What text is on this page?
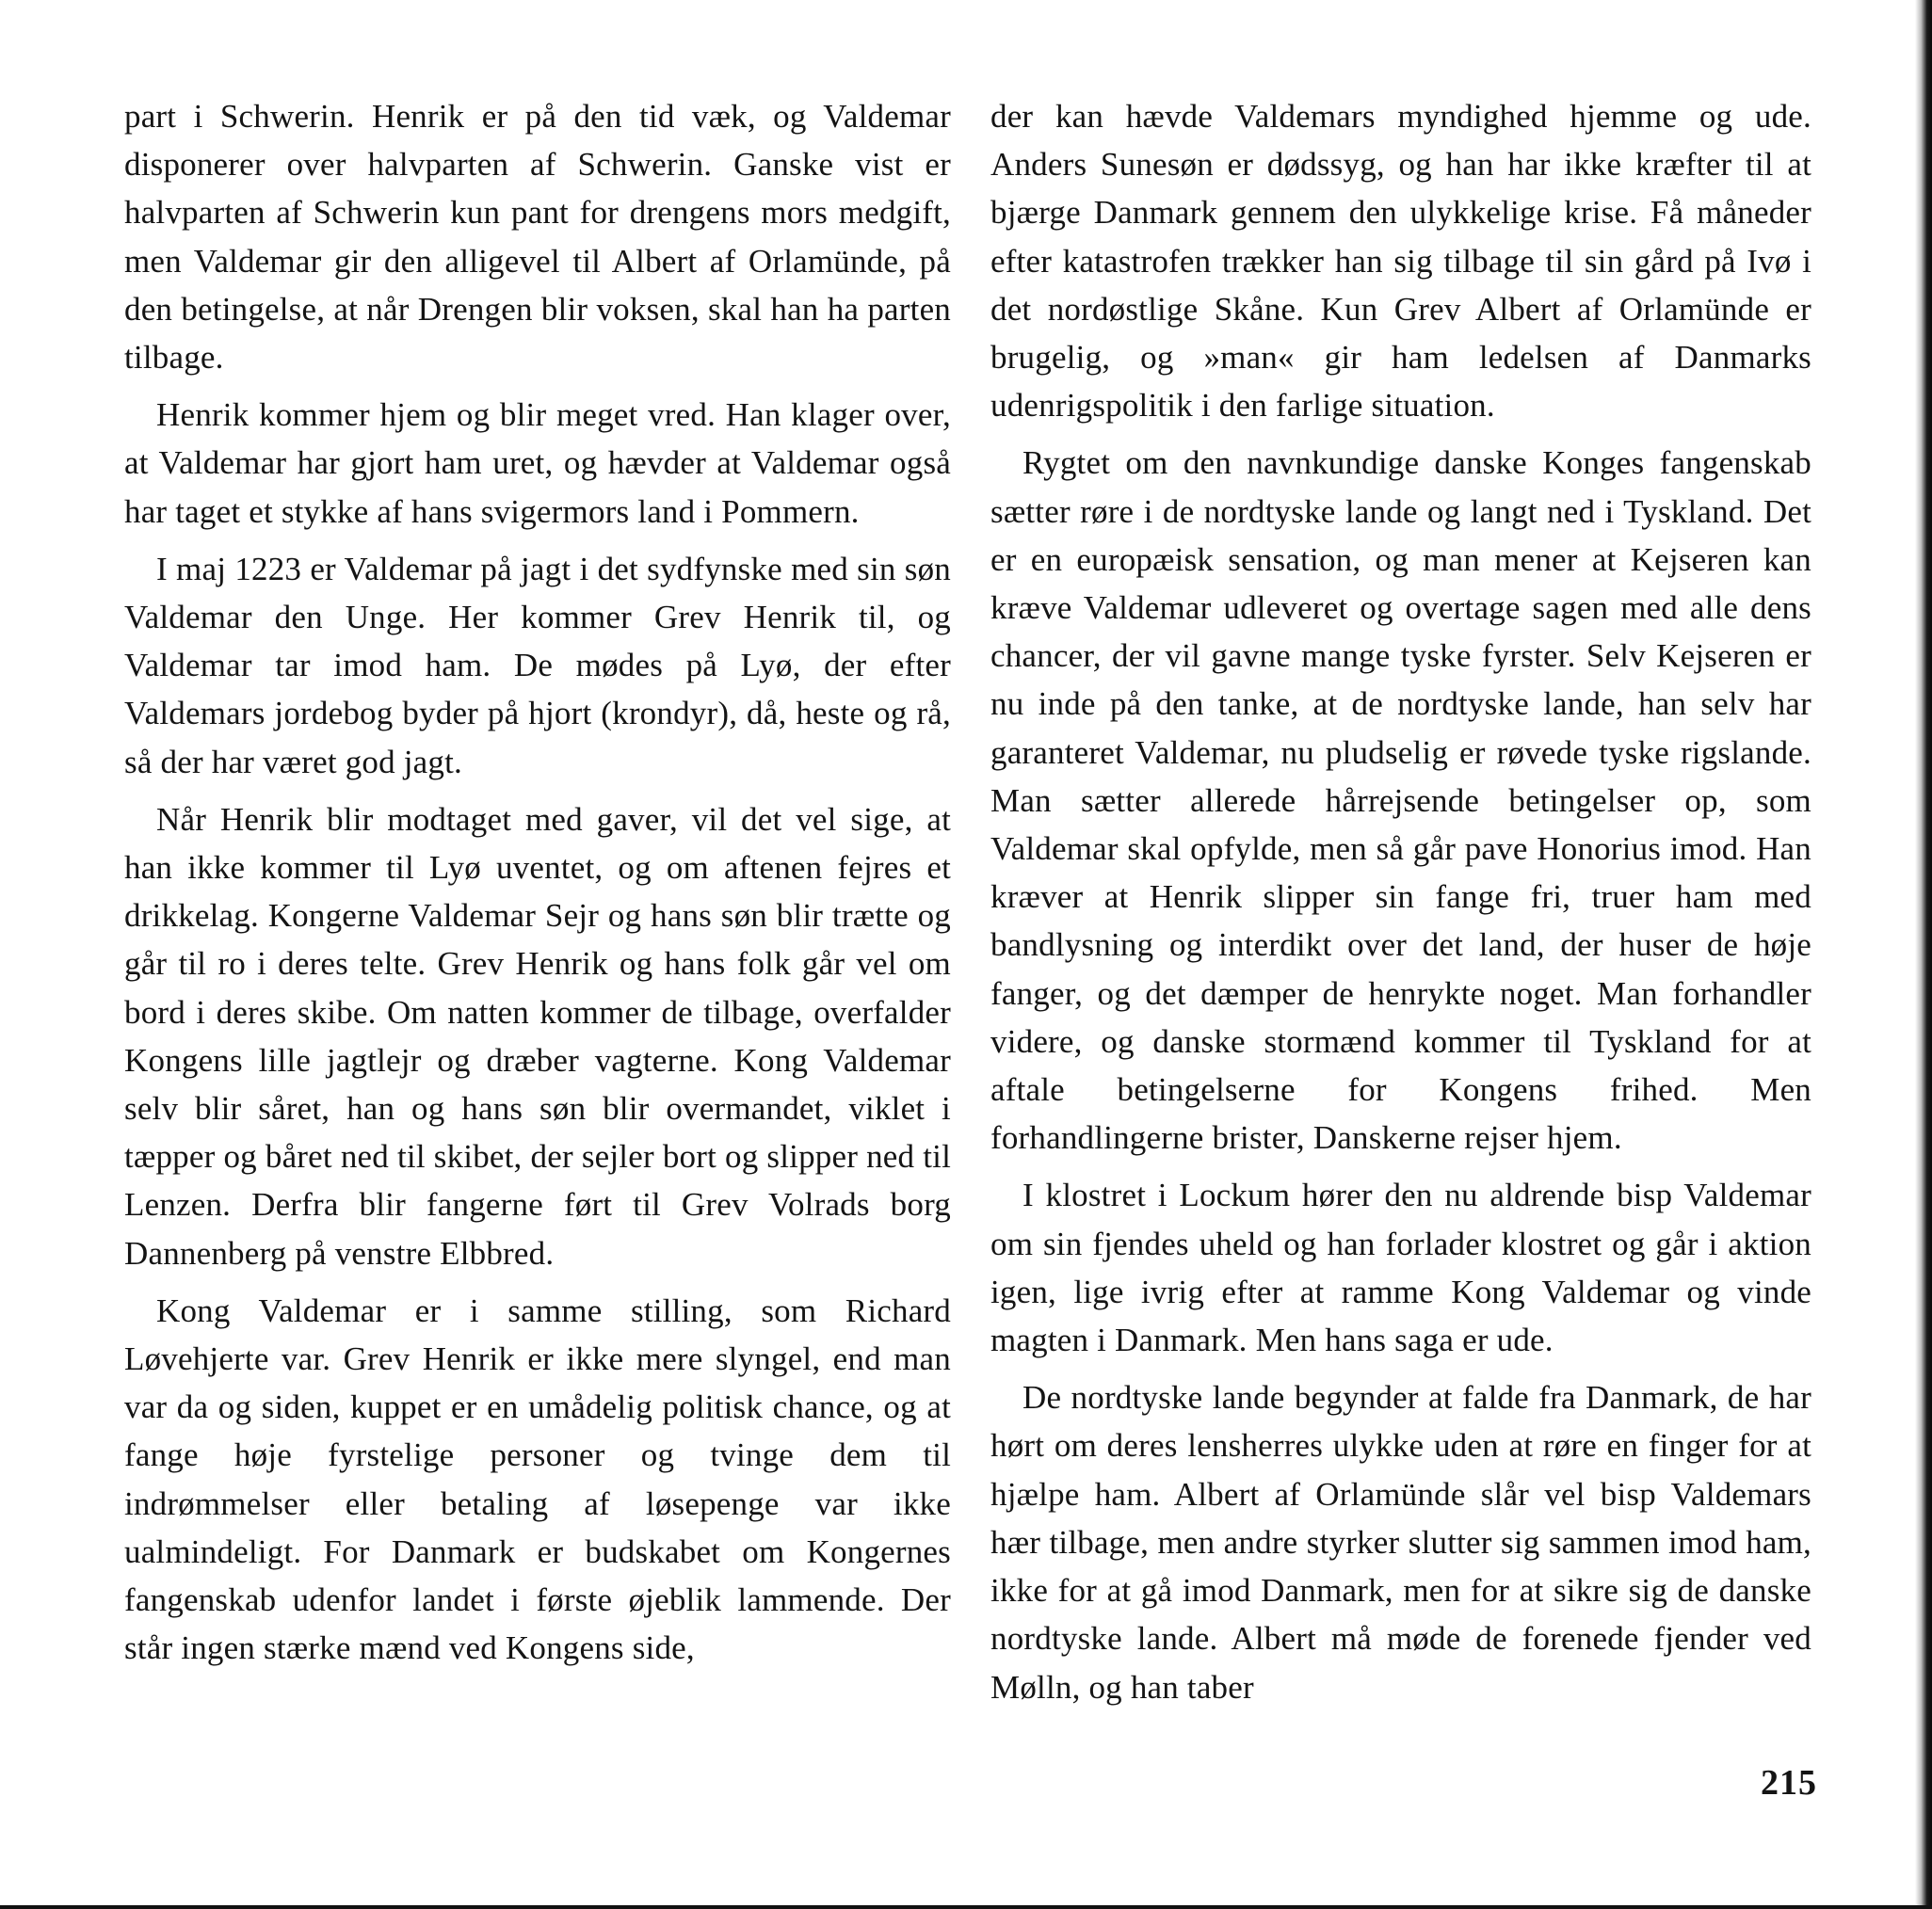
part i Schwerin. Henrik er på den tid væk, og Valdemar disponerer over halvparten af Schwerin. Ganske vist er halvparten af Schwerin kun pant for drengens mors medgift, men Valdemar gir den alligevel til Albert af Orlamünde, på den betingelse, at når Drengen blir voksen, skal han ha parten tilbage.

Henrik kommer hjem og blir meget vred. Han klager over, at Valdemar har gjort ham uret, og hævder at Valdemar også har taget et stykke af hans svigermors land i Pommern.

I maj 1223 er Valdemar på jagt i det sydfynske med sin søn Valdemar den Unge. Her kommer Grev Henrik til, og Valdemar tar imod ham. De mødes på Lyø, der efter Valdemars jordebog byder på hjort (krondyr), då, heste og rå, så der har været god jagt.

Når Henrik blir modtaget med gaver, vil det vel sige, at han ikke kommer til Lyø uventet, og om aftenen fejres et drikkelag. Kongerne Valdemar Sejr og hans søn blir trætte og går til ro i deres telte. Grev Henrik og hans folk går vel om bord i deres skibe. Om natten kommer de tilbage, overfalder Kongens lille jagtlejr og dræber vagterne. Kong Valdemar selv blir såret, han og hans søn blir overmandet, viklet i tæpper og båret ned til skibet, der sejler bort og slipper ned til Lenzen. Derfra blir fangerne ført til Grev Volrads borg Dannenberg på venstre Elbbred.

Kong Valdemar er i samme stilling, som Richard Løvehjerte var. Grev Henrik er ikke mere slyngel, end man var da og siden, kuppet er en umådelig politisk chance, og at fange høje fyrstelige personer og tvinge dem til indrømmelser eller betaling af løsepenge var ikke ualmindeligt. For Danmark er budskabet om Kongernes fangenskab udenfor landet i første øjeblik lammende. Der står ingen stærke mænd ved Kongens side,

der kan hævde Valdemars myndighed hjemme og ude. Anders Sunesøn er dødssyg, og han har ikke kræfter til at bjærge Danmark gennem den ulykkelige krise. Få måneder efter katastrofen trækker han sig tilbage til sin gård på Ivø i det nordøstlige Skåne. Kun Grev Albert af Orlamünde er brugelig, og »man« gir ham ledelsen af Danmarks udenrigspolitik i den farlige situation.

Rygtet om den navnkundige danske Konges fangenskab sætter røre i de nordtyske lande og langt ned i Tyskland. Det er en europæisk sensation, og man mener at Kejseren kan kræve Valdemar udleveret og overtage sagen med alle dens chancer, der vil gavne mange tyske fyrster. Selv Kejseren er nu inde på den tanke, at de nordtyske lande, han selv har garanteret Valdemar, nu pludselig er røvede tyske rigslande. Man sætter allerede hårrejsende betingelser op, som Valdemar skal opfylde, men så går pave Honorius imod. Han kræver at Henrik slipper sin fange fri, truer ham med bandlysning og interdikt over det land, der huser de høje fanger, og det dæmper de henrykte noget. Man forhandler videre, og danske stormænd kommer til Tyskland for at aftale betingelserne for Kongens frihed. Men forhandlingerne brister, Danskerne rejser hjem.

I klostret i Lockum hører den nu aldrende bisp Valdemar om sin fjendes uheld og han forlader klostret og går i aktion igen, lige ivrig efter at ramme Kong Valdemar og vinde magten i Danmark. Men hans saga er ude.

De nordtyske lande begynder at falde fra Danmark, de har hørt om deres lensherres ulykke uden at røre en finger for at hjælpe ham. Albert af Orlamünde slår vel bisp Valdemars hær tilbage, men andre styrker slutter sig sammen imod ham, ikke for at gå imod Danmark, men for at sikre sig de danske nordtyske lande. Albert må møde de forenede fjender ved Mølln, og han taber

215
